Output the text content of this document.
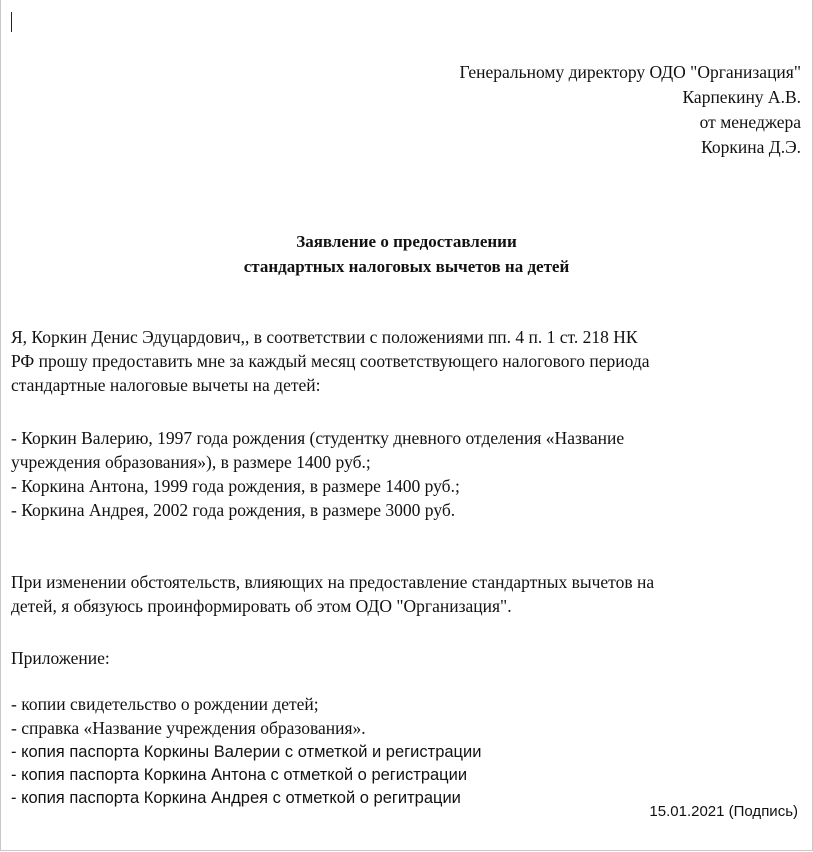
Генеральному директору ОДО "Организация"
Карпекину А.В.
от менеджера
Коркина Д.Э.
Заявление о предоставлении
стандартных налоговых вычетов на детей
Я, Коркин Денис Эдуцардович,, в соответствии с положениями пп. 4 п. 1 ст. 218 НК
РФ прошу предоставить мне за каждый месяц соответствующего налогового периода
стандартные налоговые вычеты на детей:
- Коркин Валерию, 1997 года рождения (студентку дневного отделения «Название
учреждения образования»), в размере 1400 руб.;
- Коркина Антона, 1999 года рождения, в размере 1400 руб.;
- Коркина Андрея, 2002 года рождения, в размере 3000 руб.
При изменении обстоятельств, влияющих на предоставление стандартных вычетов на
детей, я обязуюсь проинформировать об этом ОДО "Организация".
Приложение:
- копии свидетельство о рождении детей;
- справка «Название учреждения образования».
- копия паспорта Коркины Валерии с отметкой и регистрации
- копия паспорта Коркина Антона с отметкой о регистрации
- копия паспорта Коркина Андрея с отметкой о регитрации
15.01.2021 (Подпись)
